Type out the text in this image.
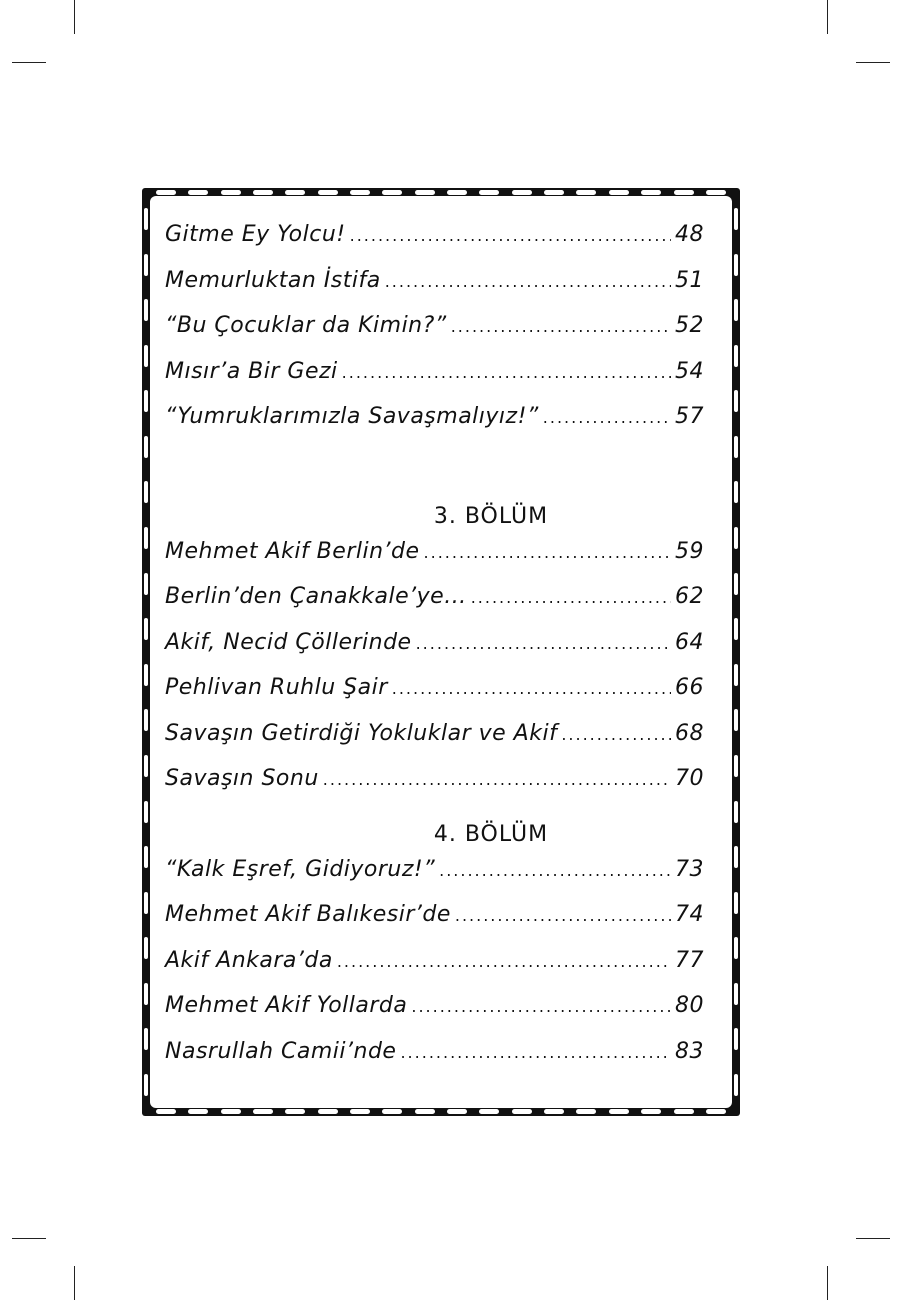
Gitme Ey Yolcu! .....	48
Memurluktan İstifa .....	51
“Bu Çocuklar da Kimin?” .....	52
Mısır’a Bir Gezi .....	54
“Yumruklarımızla Savaşmalıyız!” .....	57
3. BÖLÜM
Mehmet Akif Berlin’de .....	59
Berlin’den Çanakkale’ye... .....	62
Akif, Necid Çöllerinde .....	64
Pehlivan Ruhlu Şair .....	66
Savaşın Getirdiği Yokluklar ve Akif .....	68
Savaşın Sonu .....	70
4. BÖLÜM
“Kalk Eşref, Gidiyoruz!” .....	73
Mehmet Akif Balıkesir’de .....	74
Akif Ankara’da .....	77
Mehmet Akif Yollarda .....	80
Nasrullah Camii’nde .....	83
